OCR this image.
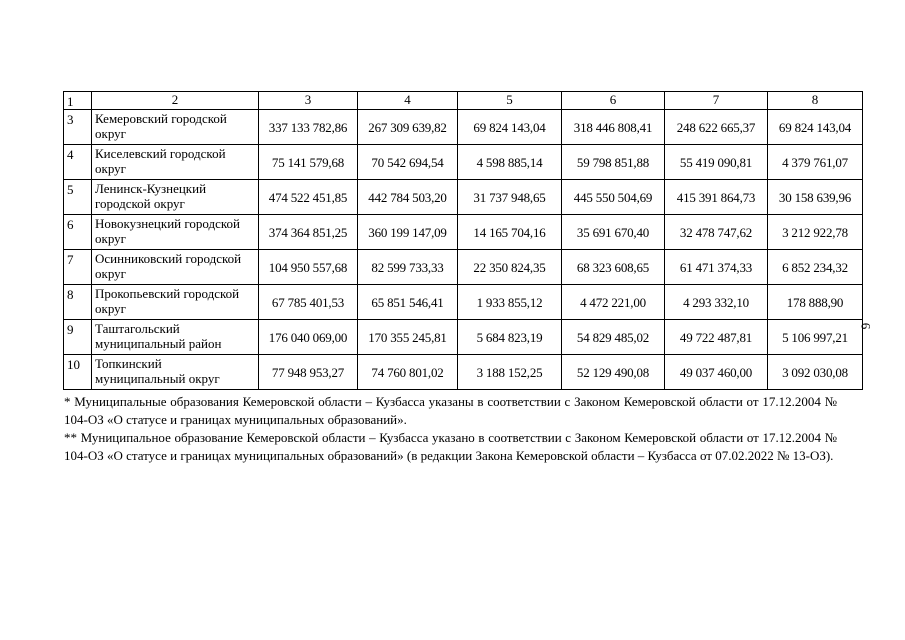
1	2	3	4	5	6	7	8
3	Кемеровский городской округ	337 133 782,86	267 309 639,82	69 824 143,04	318 446 808,41	248 622 665,37	69 824 143,04
4	Киселевский городской округ	75 141 579,68	70 542 694,54	4 598 885,14	59 798 851,88	55 419 090,81	4 379 761,07
5	Ленинск-Кузнецкий городской округ	474 522 451,85	442 784 503,20	31 737 948,65	445 550 504,69	415 391 864,73	30 158 639,96
6	Новокузнецкий городской округ	374 364 851,25	360 199 147,09	14 165 704,16	35 691 670,40	32 478 747,62	3 212 922,78
7	Осинниковский городской округ	104 950 557,68	82 599 733,33	22 350 824,35	68 323 608,65	61 471 374,33	6 852 234,32
8	Прокопьевский городской округ	67 785 401,53	65 851 546,41	1 933 855,12	4 472 221,00	4 293 332,10	178 888,90
9	Таштагольский муниципальный район	176 040 069,00	170 355 245,81	5 684 823,19	54 829 485,02	49 722 487,81	5 106 997,21
10	Топкинский муниципальный округ	77 948 953,27	74 760 801,02	3 188 152,25	52 129 490,08	49 037 460,00	3 092 030,08

* Муниципальные образования Кемеровской области – Кузбасса указаны в соответствии с Законом Кемеровской области от 17.12.2004 № 104-ОЗ «О статусе и границах муниципальных образований».

** Муниципальное образование Кемеровской области – Кузбасса указано в соответствии с Законом Кемеровской области от 17.12.2004 № 104-ОЗ «О статусе и границах муниципальных образований» (в редакции Закона Кемеровской области – Кузбасса от 07.02.2022 № 13-ОЗ).

6
